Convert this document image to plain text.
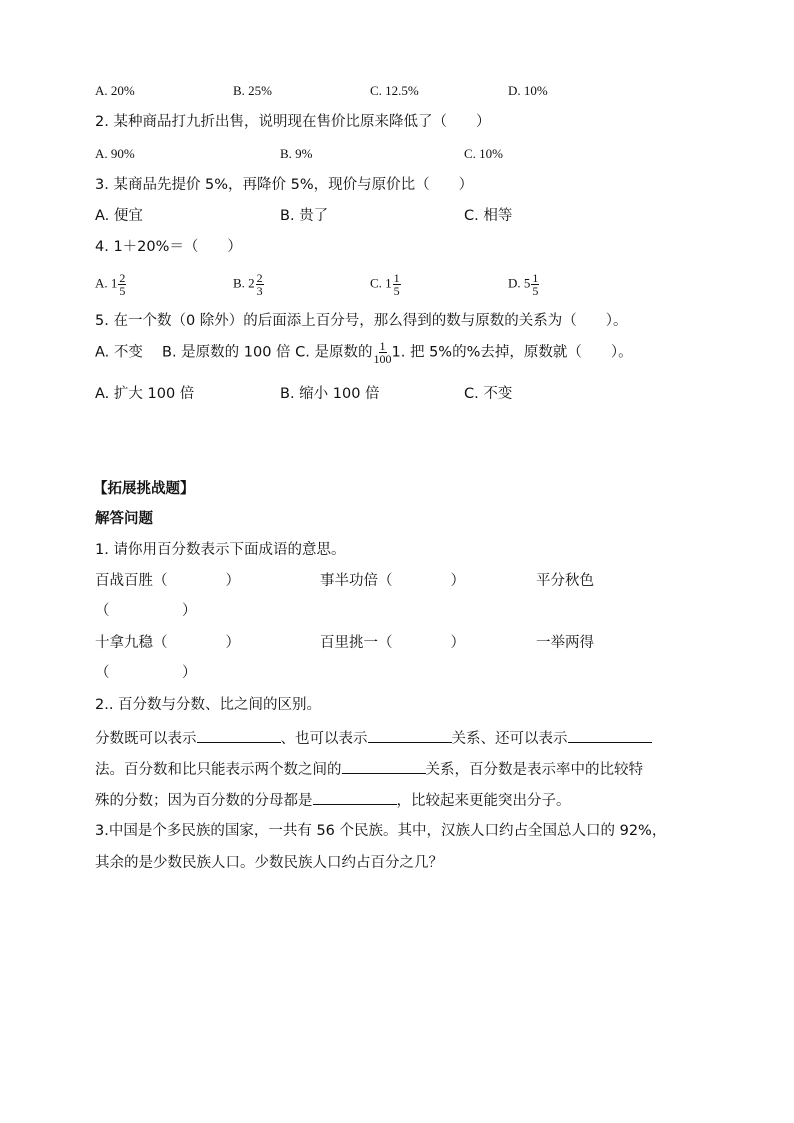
A. 20%	B. 25%	C. 12.5%	D. 10%
2. 某种商品打九折出售，说明现在售价比原来降低了（　　）
A. 90%	B. 9%	C. 10%
3. 某商品先提价 5%，再降价 5%，现价与原价比（　　）
A. 便宜	B. 贵了	C. 相等
4. 1＋20%＝（　　）
A. $1 \frac{2}{5}$	B. $2 \frac{2}{3}$	C. $1 \frac{1}{5}$	D. $5 \frac{1}{5}$
5. 在一个数（0 除外）的后面添上百分号，那么得到的数与原数的关系为（　　）。
A. 不变　 B. 是原数的 100 倍 C. 是原数的 $\frac{1}{100} 1$. 把 5%的%去掉，原数就（　　）。
A. 扩大 100 倍	B. 缩小 100 倍	C. 不变
【拓展挑战题】
解答问题
1. 请你用百分数表示下面成语的意思。
百战百胜（　　　　）	事半功倍（　　　　）	平分秋色
（　　　　　）
十拿九稳（　　　　）	百里挑一（　　　　）	一举两得
（　　　　　）
2.. 百分数与分数、比之间的区别。
分数既可以表示	、也可以表示	关系、还可以表示
法。百分数和比只能表示两个数之间的	关系，百分数是表示率中的比较特
殊的分数；因为百分数的分母都是	，比较起来更能突出分子。
3.中国是个多民族的国家，一共有 56 个民族。其中，汉族人口约占全国总人口的 92%，
其余的是少数民族人口。少数民族人口约占百分之几？
